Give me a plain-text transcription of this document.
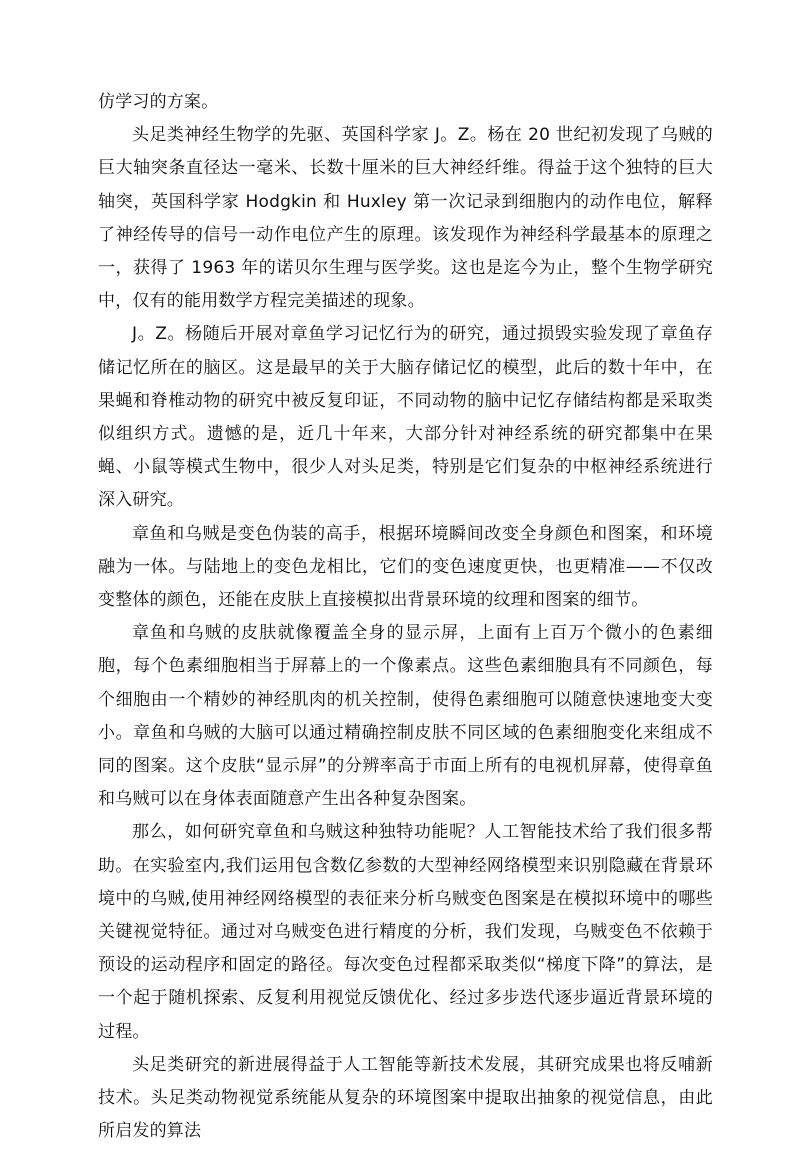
仿学习的方案。

头足类神经生物学的先驱、英国科学家 J。Z。杨在 20 世纪初发现了乌贼的巨大轴突条直径达一毫米、长数十厘米的巨大神经纤维。得益于这个独特的巨大轴突，英国科学家 Hodgkin 和 Huxley 第一次记录到细胞内的动作电位，解释了神经传导的信号一动作电位产生的原理。该发现作为神经科学最基本的原理之一，获得了 1963 年的诺贝尔生理与医学奖。这也是迄今为止，整个生物学研究中，仅有的能用数学方程完美描述的现象。

J。Z。杨随后开展对章鱼学习记忆行为的研究，通过损毁实验发现了章鱼存储记忆所在的脑区。这是最早的关于大脑存储记忆的模型，此后的数十年中，在果蝇和脊椎动物的研究中被反复印证，不同动物的脑中记忆存储结构都是采取类似组织方式。遗憾的是，近几十年来，大部分针对神经系统的研究都集中在果蝇、小鼠等模式生物中，很少人对头足类，特别是它们复杂的中枢神经系统进行深入研究。

章鱼和乌贼是变色伪装的高手，根据环境瞬间改变全身颜色和图案，和环境融为一体。与陆地上的变色龙相比，它们的变色速度更快，也更精准——不仅改变整体的颜色，还能在皮肤上直接模拟出背景环境的纹理和图案的细节。

章鱼和乌贼的皮肤就像覆盖全身的显示屏，上面有上百万个微小的色素细胞，每个色素细胞相当于屏幕上的一个像素点。这些色素细胞具有不同颜色，每个细胞由一个精妙的神经肌肉的机关控制，使得色素细胞可以随意快速地变大变小。章鱼和乌贼的大脑可以通过精确控制皮肤不同区域的色素细胞变化来组成不同的图案。这个皮肤“显示屏”的分辨率高于市面上所有的电视机屏幕，使得章鱼和乌贼可以在身体表面随意产生出各种复杂图案。

那么，如何研究章鱼和乌贼这种独特功能呢？人工智能技术给了我们很多帮助。在实验室内,我们运用包含数亿参数的大型神经网络模型来识别隐藏在背景环境中的乌贼,使用神经网络模型的表征来分析乌贼变色图案是在模拟环境中的哪些关键视觉特征。通过对乌贼变色进行精度的分析，我们发现，乌贼变色不依赖于预设的运动程序和固定的路径。每次变色过程都采取类似“梯度下降”的算法，是一个起于随机探索、反复利用视觉反馈优化、经过多步迭代逐步逼近背景环境的过程。

头足类研究的新进展得益于人工智能等新技术发展，其研究成果也将反哺新技术。头足类动物视觉系统能从复杂的环境图案中提取出抽象的视觉信息，由此所启发的算法
